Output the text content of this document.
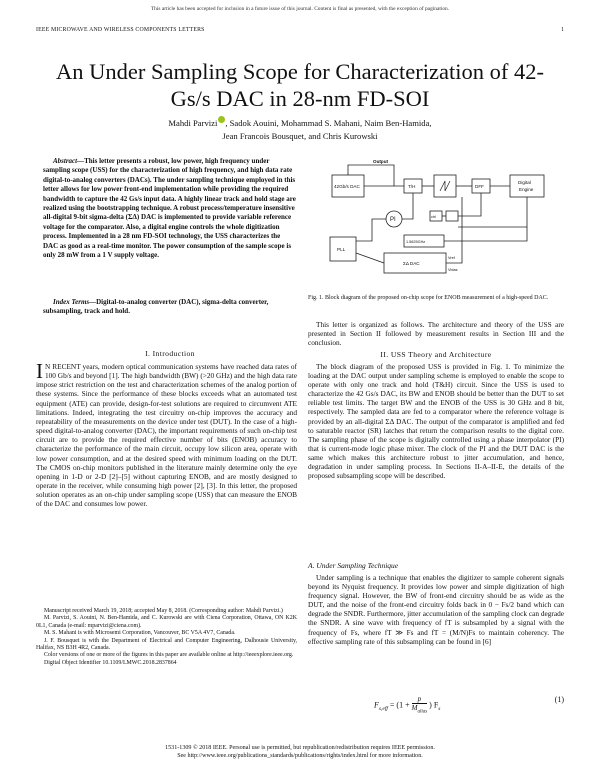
This article has been accepted for inclusion in a future issue of this journal. Content is final as presented, with the exception of pagination.
IEEE MICROWAVE AND WIRELESS COMPONENTS LETTERS	1
An Under Sampling Scope for Characterization of 42-Gs/s DAC in 28-nm FD-SOI
Mahdi Parvizi , Sadok Aouini, Mohammad S. Mahani, Naim Ben-Hamida,
Jean Francois Bousquet, and Chris Kurowski
Abstract—This letter presents a robust, low power, high frequency under sampling scope (USS) for the characterization of high frequency, and high data rate digital-to-analog converters (DACs). The under sampling technique employed in this letter allows for low power front-end implementation while providing the required bandwidth to capture the 42 Gs/s input data. A highly linear track and hold stage are realized using the bootstrapping technique. A robust process/temperature insensitive all-digital 9-bit sigma-delta (ΣΔ) DAC is implemented to provide variable reference voltage for the comparator. Also, a digital engine controls the whole digitization process. Implemented in a 28 nm FD-SOI technology, the USS characterizes the DAC as good as a real-time monitor. The power consumption of the sample scope is only 28 mW from a 1 V supply voltage.
Index Terms—Digital-to-analog converter (DAC), sigma-delta converter, subsampling, track and hold.
I. Introduction
I N RECENT years, modern optical communication systems have reached data rates of 100 Gb/s and beyond [1]. The high bandwidth (BW) (>20 GHz) and the high data rate impose strict restriction on the test and characterization schemes of the analog portion of these systems. Since the performance of these blocks exceeds what an automated test equipment (ATE) can provide, design-for-test solutions are required to circumvent ATE limitations. Indeed, integrating the test circuitry on-chip improves the accuracy and repeatability of the measurements on the device under test (DUT). In the case of a high-speed digital-to-analog converter (DAC), the important requirements of such on-chip test circuit are to provide the required effective number of bits (ENOB) accuracy to characterize the performance of the main circuit, occupy low silicon area, operate with low power consumption, and at the desired speed with minimum loading on the DUT. The CMOS on-chip monitors published in the literature mainly determine only the eye opening in 1-D or 2-D [2]–[5] without capturing ENOB, and are mostly designed to operate in the receiver, while consuming high power [2], [3]. In this letter, the proposed solution operates as an on-chip under sampling scope (USS) that can measure the ENOB of the DAC and consumes low power.

Manuscript received March 19, 2018; accepted May 8, 2018. (Corresponding author: Mahdi Parvizi.)

M. Parvizi, S. Aouini, N. Ben-Hamida, and C. Kurowski are with Ciena Corporation, Ottawa, ON K2K 0L1, Canada (e-mail: mparvizi@ciena.com).

M. S. Mahani is with Microsemi Corporation, Vancouver, BC V5A 4V7, Canada.

J. F. Bousquet is with the Department of Electrical and Computer Engineering, Dalhousie University, Halifax, NS B3H 4R2, Canada.

Color versions of one or more of the figures in this paper are available online at http://ieeexplore.ieee.org.

Digital Object Identifier 10.1109/LMWC.2018.2837864

Output
42Gb/s DAC	T/H	DFF
Digital
Engine
PI
PLL
ΣΔ DAC
Vref
Vbias
1.5625GHz
ctrl
Fig. 1. Block diagram of the proposed on-chip scope for ENOB measurement of a high-speed DAC.
This letter is organized as follows. The architecture and theory of the USS are presented in Section II followed by measurement results in Section III and the conclusion.
II. USS Theory and Architecture
The block diagram of the proposed USS is provided in Fig. 1. To minimize the loading at the DAC output under sampling scheme is employed to enable the scope to operate with only one track and hold (T&H) circuit. Since the USS is used to characterize the 42 Gs/s DAC, its BW and ENOB should be better than the DUT to set reliable test limits. The target BW and the ENOB of the USS is 30 GHz and 8 bit, respectively. The sampled data are fed to a comparator where the reference voltage is provided by an all-digital ΣΔ DAC. The output of the comparator is amplified and fed to saturable reactor (SR) latches that return the comparison results to the digital core. The sampling phase of the scope is digitally controlled using a phase interpolator (PI) that is current-mode logic phase mixer. The clock of the PI and the DUT DAC is the same which makes this architecture robust to jitter accumulation, and hence, degradation in under sampling process. In Sections II-A–II-E, the details of the proposed subsampling scope will be described.
A. Under Sampling Technique
Under sampling is a technique that enables the digitizer to sample coherent signals beyond its Nyquist frequency. It provides low power and simple digitization of high frequency signal. However, the BW of front-end circuitry should be as wide as the DUT, and the noise of the front-end circuitry folds back in 0 − Fs/2 band which can degrade the SNDR. Furthermore, jitter accumulation of the sampling clock can degrade the SNDR. A sine wave with frequency of fT is subsampled by a signal with the frequency of Fs, where fT ≫ Fs and fT = (M/N)Fs to maintain coherency. The effective sampling rate of this subsampling can be found in [6]
$F_{s,eff} = (1$ +
p
$M_{alias}$
) $F_s$
(1)
1531-1309 © 2018 IEEE. Personal use is permitted, but republication/redistribution requires IEEE permission.
See http://www.ieee.org/publications_standards/publications/rights/index.html for more information.
